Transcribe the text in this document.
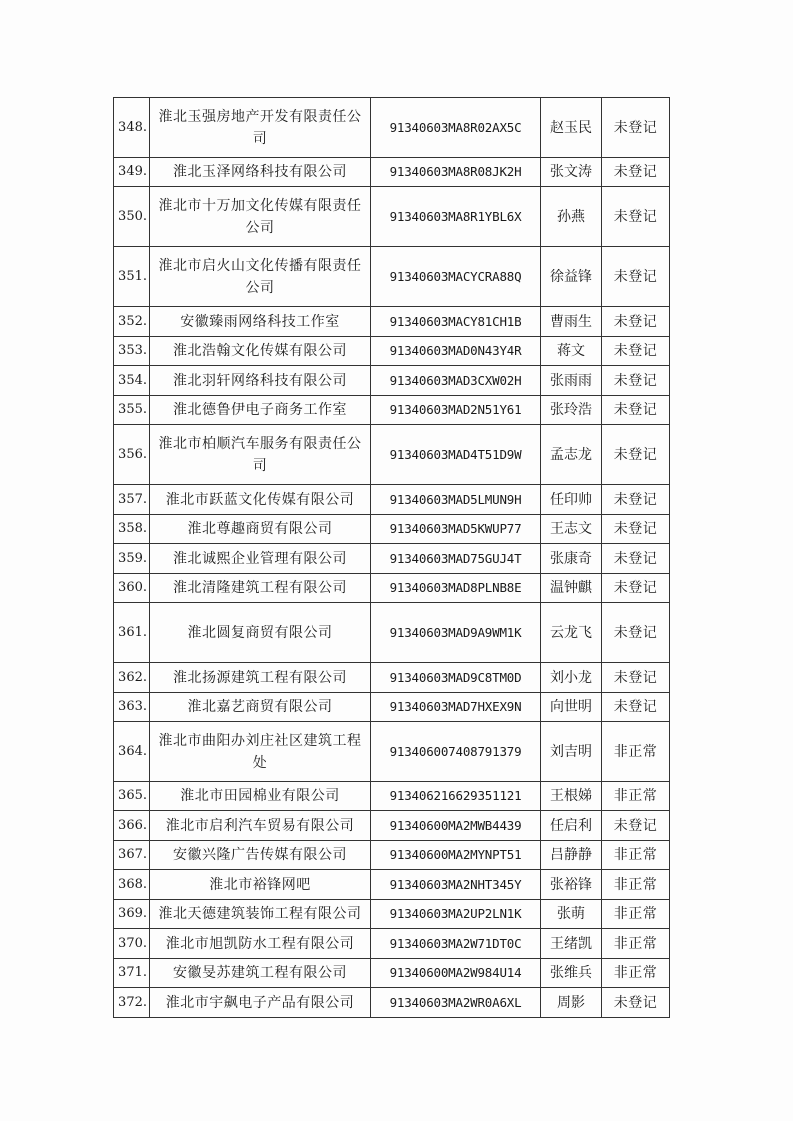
348.	淮北玉强房地产开发有限责任公司	91340603MA8R02AX5C	赵玉民	未登记
349.	淮北玉泽网络科技有限公司	91340603MA8R08JK2H	张文涛	未登记
350.	淮北市十万加文化传媒有限责任公司	91340603MA8R1YBL6X	孙燕	未登记
351.	淮北市启火山文化传播有限责任公司	91340603MACYCRA88Q	徐益锋	未登记
352.	安徽臻雨网络科技工作室	91340603MACY81CH1B	曹雨生	未登记
353.	淮北浩翰文化传媒有限公司	91340603MAD0N43Y4R	蒋文	未登记
354.	淮北羽轩网络科技有限公司	91340603MAD3CXW02H	张雨雨	未登记
355.	淮北德鲁伊电子商务工作室	91340603MAD2N51Y61	张玲浩	未登记
356.	淮北市柏顺汽车服务有限责任公司	91340603MAD4T51D9W	孟志龙	未登记
357.	淮北市跃蓝文化传媒有限公司	91340603MAD5LMUN9H	任印帅	未登记
358.	淮北尊趣商贸有限公司	91340603MAD5KWUP77	王志文	未登记
359.	淮北诚熙企业管理有限公司	91340603MAD75GUJ4T	张康奇	未登记
360.	淮北清隆建筑工程有限公司	91340603MAD8PLNB8E	温钟麒	未登记
361.	淮北圆复商贸有限公司	91340603MAD9A9WM1K	云龙飞	未登记
362.	淮北扬源建筑工程有限公司	91340603MAD9C8TM0D	刘小龙	未登记
363.	淮北嘉艺商贸有限公司	91340603MAD7HXEX9N	向世明	未登记
364.	淮北市曲阳办刘庄社区建筑工程处	913406007408791379	刘吉明	非正常
365.	淮北市田园棉业有限公司	913406216629351121	王根娣	非正常
366.	淮北市启利汽车贸易有限公司	91340600MA2MWB4439	任启利	未登记
367.	安徽兴隆广告传媒有限公司	91340600MA2MYNPT51	吕静静	非正常
368.	淮北市裕锋网吧	91340603MA2NHT345Y	张裕锋	非正常
369.	淮北天德建筑装饰工程有限公司	91340603MA2UP2LN1K	张萌	非正常
370.	淮北市旭凯防水工程有限公司	91340603MA2W71DT0C	王绪凯	非正常
371.	安徽旻苏建筑工程有限公司	91340600MA2W984U14	张维兵	非正常
372.	淮北市宇飙电子产品有限公司	91340603MA2WR0A6XL	周影	未登记
